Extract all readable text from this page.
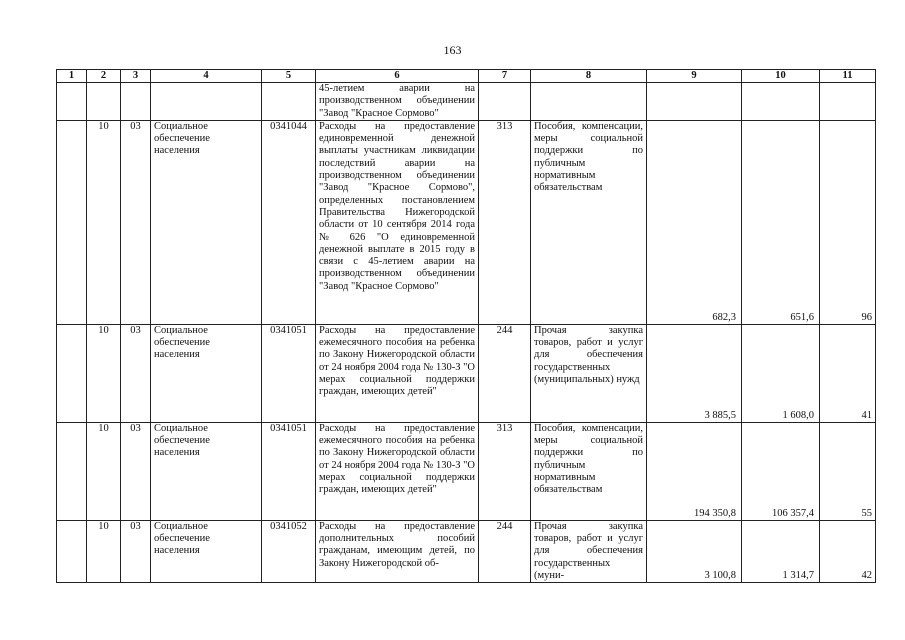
163
1	2	3	4	5	6	7	8	9	10	11
					45-летием аварии на производственном объединении "Завод "Красное Сормово"					
	10	03	Социальное обеспечение населения	0341044	Расходы на предоставление единовременной денежной выплаты участникам ликвидации последствий аварии на производственном объединении "Завод "Красное Сормово", определенных постановлением Правительства Нижегородской области от 10 сентября 2014 года № 626 "О единовременной денежной выплате в 2015 году в связи с 45-летием аварии на производственном объединении "Завод "Красное Сормово"	313	Пособия, компенсации, меры социальной поддержки по публичным нормативным обязательствам	682,3	651,6	96
	10	03	Социальное обеспечение населения	0341051	Расходы на предоставление ежемесячного пособия на ребенка по Закону Нижегородской области от 24 ноября 2004 года № 130-З "О мерах социальной поддержки граждан, имеющих детей"	244	Прочая закупка товаров, работ и услуг для обеспечения государственных (муниципальных) нужд	3 885,5	1 608,0	41
	10	03	Социальное обеспечение населения	0341051	Расходы на предоставление ежемесячного пособия на ребенка по Закону Нижегородской области от 24 ноября 2004 года № 130-З "О мерах социальной поддержки граждан, имеющих детей"	313	Пособия, компенсации, меры социальной поддержки по публичным нормативным обязательствам	194 350,8	106 357,4	55
	10	03	Социальное обеспечение населения	0341052	Расходы на предоставление дополнительных пособий гражданам, имеющим детей, по Закону Нижегородской об-	244	Прочая закупка товаров, работ и услуг для обеспечения государственных (муни-	3 100,8	1 314,7	42
